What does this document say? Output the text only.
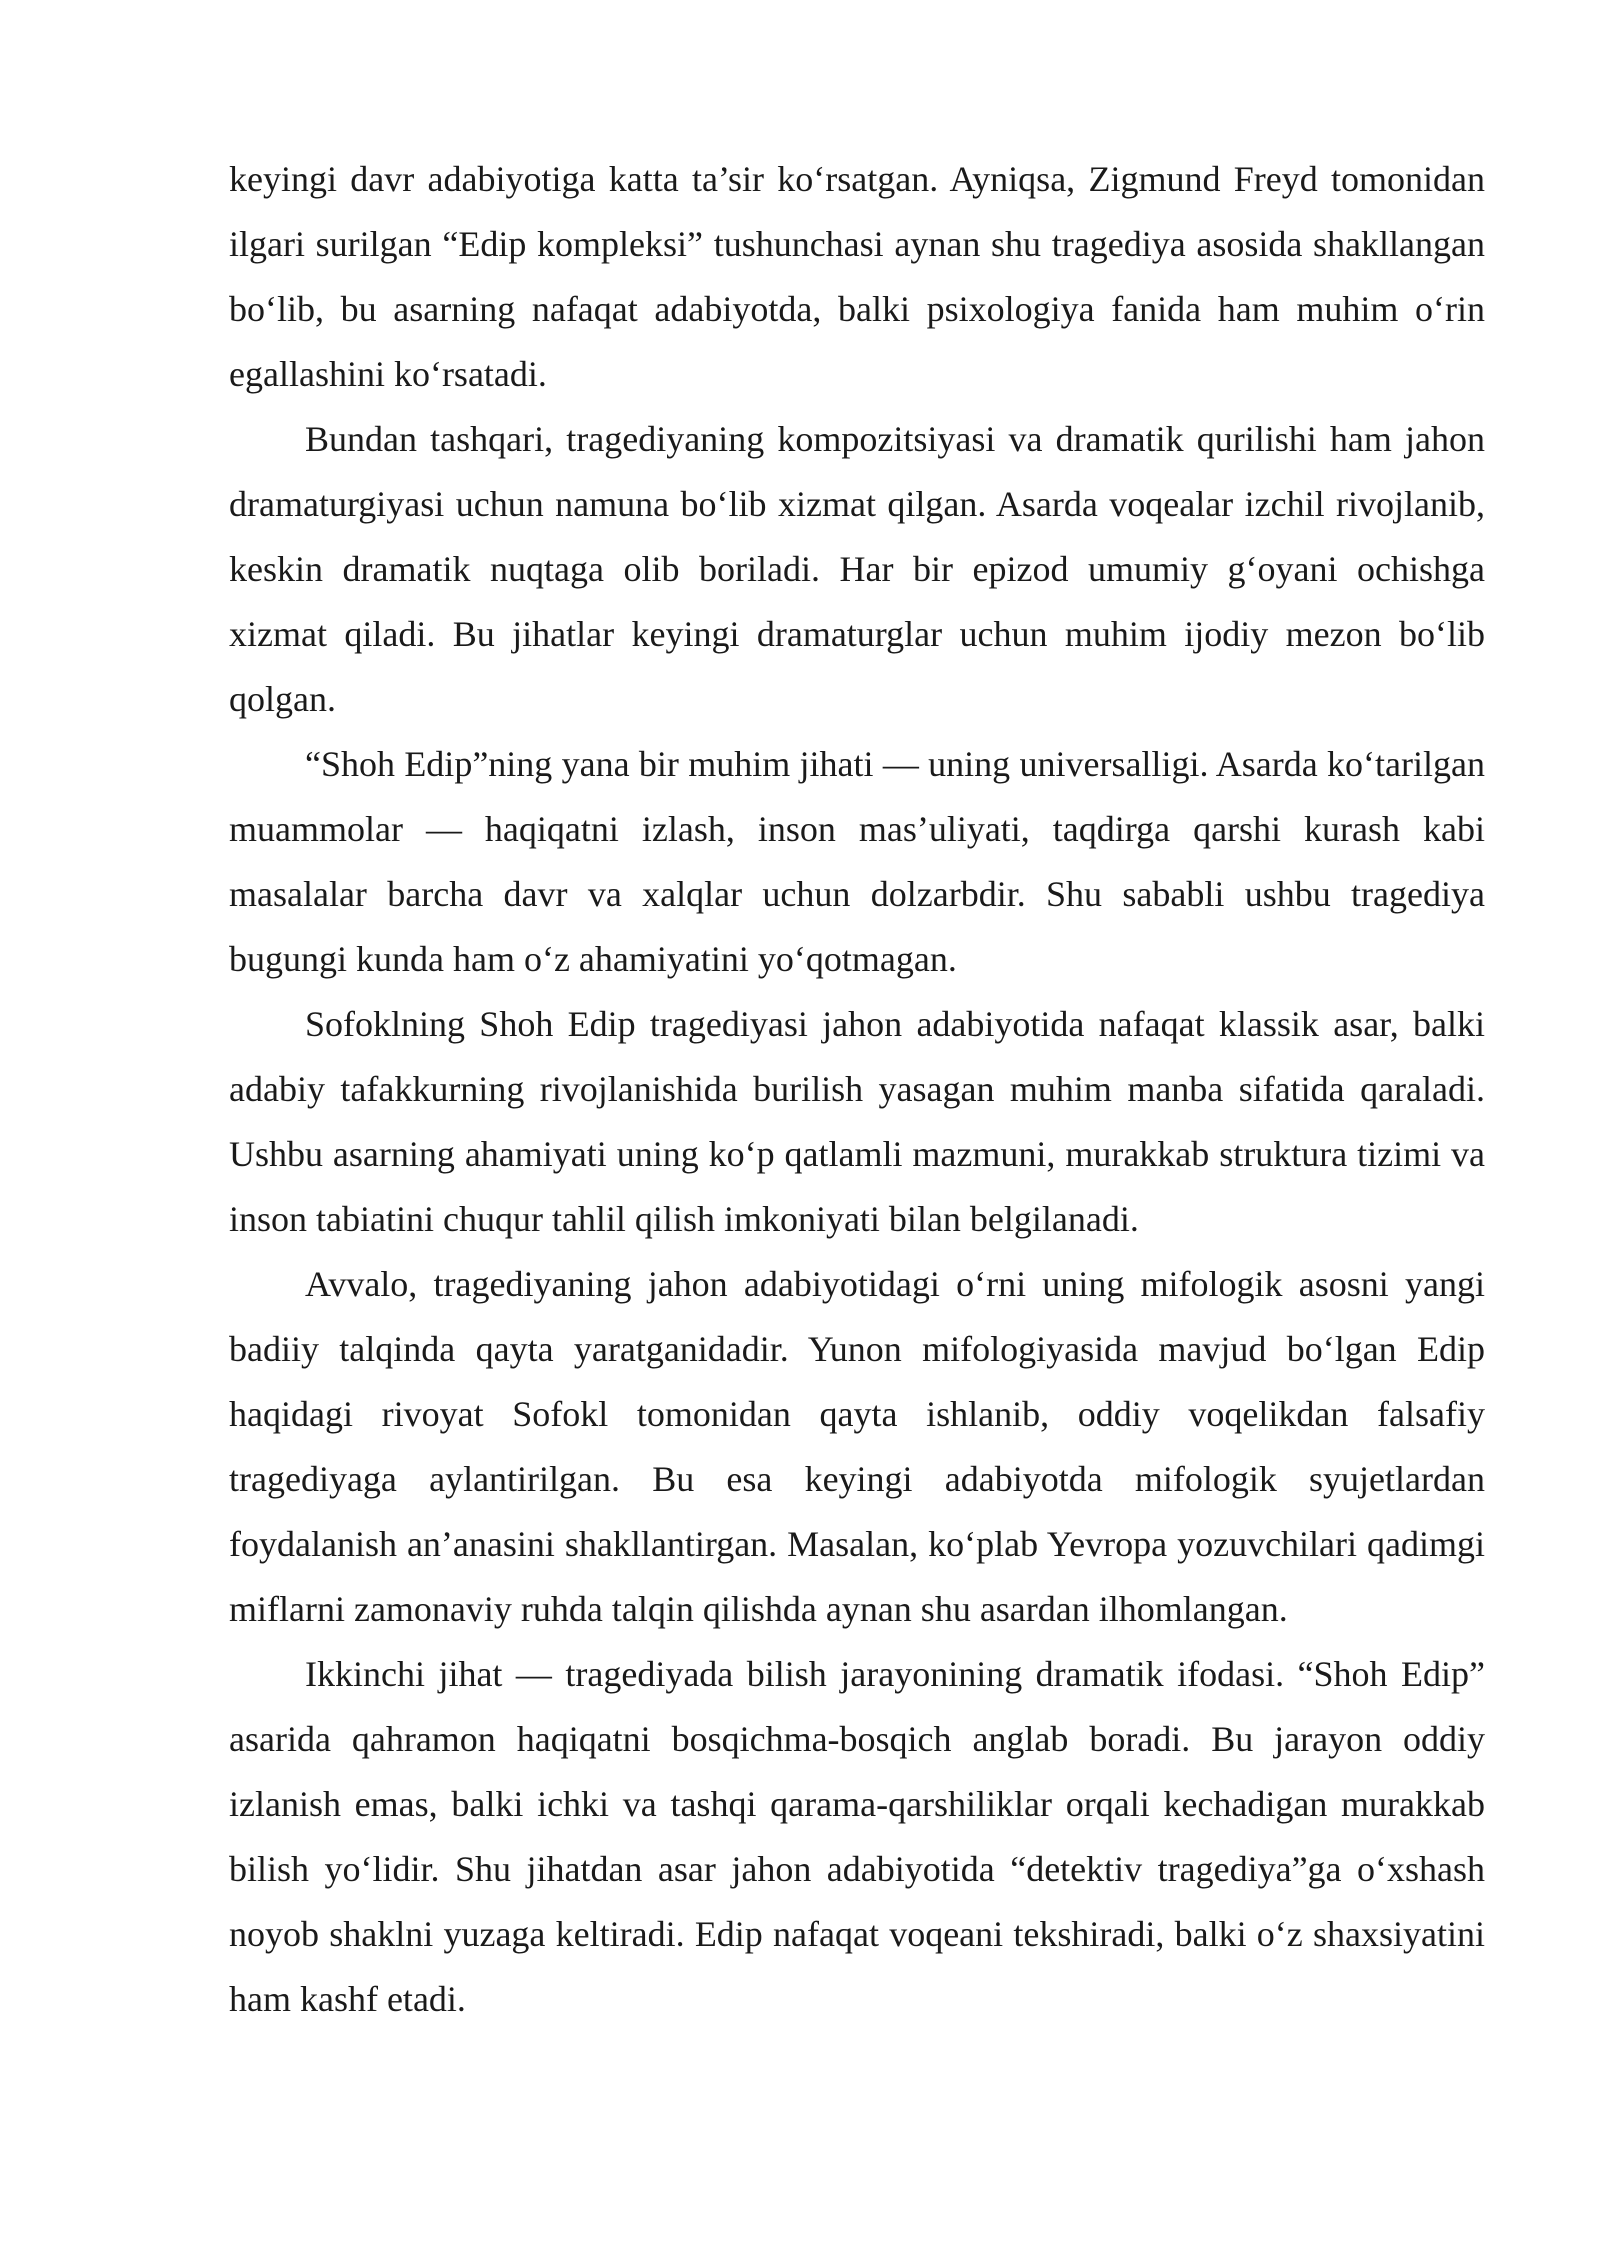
keyingi davr adabiyotiga katta ta’sir ko‘rsatgan. Ayniqsa, Zigmund Freyd tomonidan ilgari surilgan “Edip kompleksi” tushunchasi aynan shu tragediya asosida shakllangan bo‘lib, bu asarning nafaqat adabiyotda, balki psixologiya fanida ham muhim o‘rin egallashini ko‘rsatadi.

Bundan tashqari, tragediyaning kompozitsiyasi va dramatik qurilishi ham jahon dramaturgiyasi uchun namuna bo‘lib xizmat qilgan. Asarda voqealar izchil rivojlanib, keskin dramatik nuqtaga olib boriladi. Har bir epizod umumiy g‘oyani ochishga xizmat qiladi. Bu jihatlar keyingi dramaturglar uchun muhim ijodiy mezon bo‘lib qolgan.

“Shoh Edip”ning yana bir muhim jihati — uning universalligi. Asarda ko‘tarilgan muammolar — haqiqatni izlash, inson mas’uliyati, taqdirga qarshi kurash kabi masalalar barcha davr va xalqlar uchun dolzarbdir. Shu sababli ushbu tragediya bugungi kunda ham o‘z ahamiyatini yo‘qotmagan.

Sofoklning Shoh Edip tragediyasi jahon adabiyotida nafaqat klassik asar, balki adabiy tafakkurning rivojlanishida burilish yasagan muhim manba sifatida qaraladi. Ushbu asarning ahamiyati uning ko‘p qatlamli mazmuni, murakkab struktura tizimi va inson tabiatini chuqur tahlil qilish imkoniyati bilan belgilanadi.

Avvalo, tragediyaning jahon adabiyotidagi o‘rni uning mifologik asosni yangi badiiy talqinda qayta yaratganidadir. Yunon mifologiyasida mavjud bo‘lgan Edip haqidagi rivoyat Sofokl tomonidan qayta ishlanib, oddiy voqelikdan falsafiy tragediyaga aylantirilgan. Bu esa keyingi adabiyotda mifologik syujetlardan foydalanish an’anasini shakllantirgan. Masalan, ko‘plab Yevropa yozuvchilari qadimgi miflarni zamonaviy ruhda talqin qilishda aynan shu asardan ilhomlangan.

Ikkinchi jihat — tragediyada bilish jarayonining dramatik ifodasi. “Shoh Edip” asarida qahramon haqiqatni bosqichma-bosqich anglab boradi. Bu jarayon oddiy izlanish emas, balki ichki va tashqi qarama-qarshiliklar orqali kechadigan murakkab bilish yo‘lidir. Shu jihatdan asar jahon adabiyotida “detektiv tragediya”ga o‘xshash noyob shaklni yuzaga keltiradi. Edip nafaqat voqeani tekshiradi, balki o‘z shaxsiyatini ham kashf etadi.
